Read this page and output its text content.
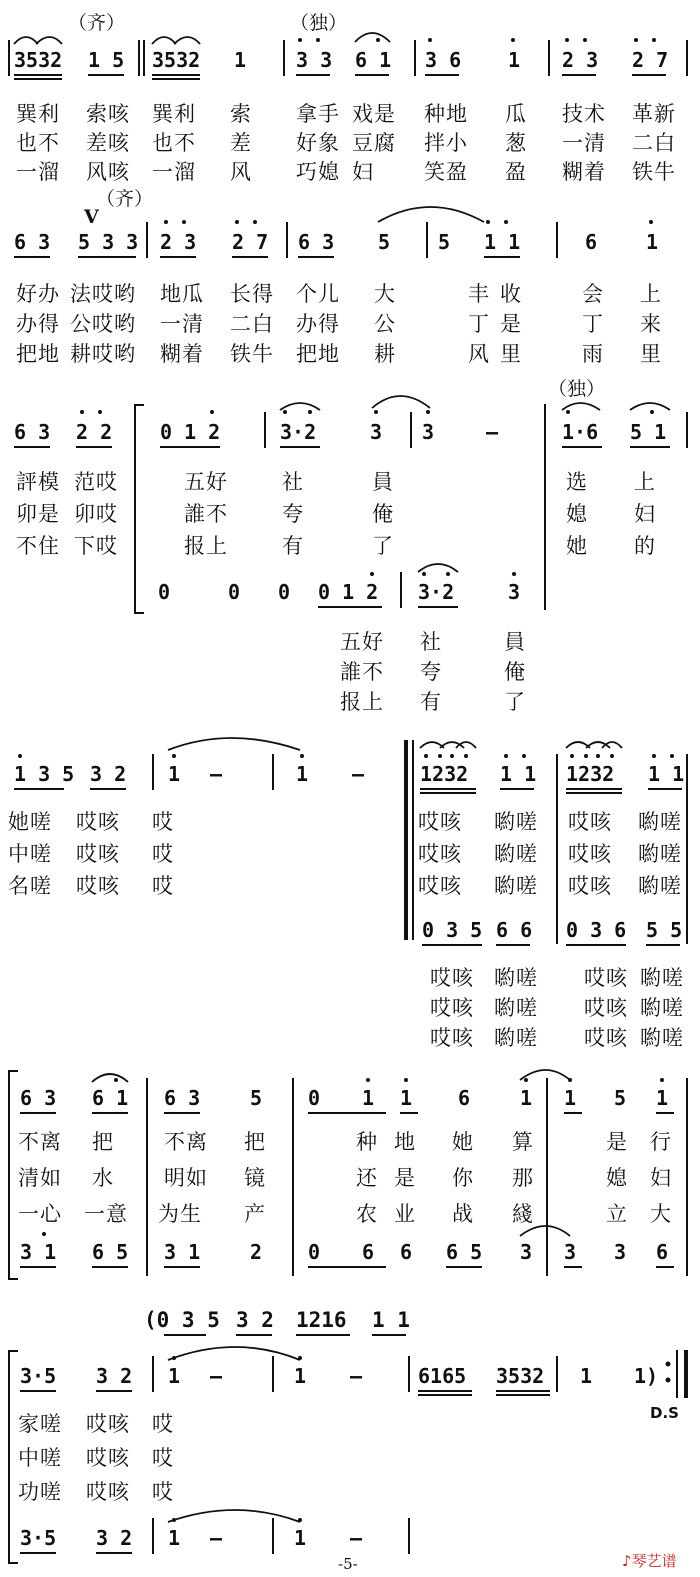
（齐）	（独）
3532 1 5 3532 1 3 3 6 1 3 6 1 2 3 2 7
巽利 索咳 巽利 索 拿手 戏是 种地 瓜 技术 革新
也不 差咳 也不 差 好象 豆腐 拌小 葱 一清 二白
一溜 风咳 一溜 风 巧媳 妇 笑盈 盈 糊着 铁牛
（齐）
V
6 3 5 3 3 2 3 2 7 6 3 5 5 1 1	6 1
好办 法哎哟 地瓜 长得 个儿 大	丰 收	会 上
办得 公哎哟 一清 二白 办得 公	丁 是	丁 来
把地 耕哎哟 糊着 铁牛 把地 耕	风 里	雨 里
（独）
6 3 2 2 0 1 2	3·2	3 3	—	1·6 5 1
評模 范哎	五好	社	員	选 上
卯是 卯哎	誰不	夸	俺	媳 妇
不住 下哎	报上	有	了	她 的
0	0 0 0 1 2 3·2	3
五好 社	員
誰不 夸	俺
报上 有	了
1 3 5 3 2 1 —	1 —	1232 1 1 1232 1 1
她嗟 哎咳 哎	哎咳 喲嗟 哎咳 喲嗟
中嗟 哎咳 哎	哎咳 喲嗟 哎咳 喲嗟
名嗟 哎咳 哎	哎咳 喲嗟 哎咳 喲嗟
0 3 5 6 6 0 3 6 5 5
哎咳 喲嗟 哎咳 喲嗟
哎咳 喲嗟 哎咳 喲嗟
哎咳 喲嗟 哎咳 喲嗟
6 3 6 1 6 3 5 0 1 1 6 1 1 5 1
不离 把 不离 把	种 地 她 算	是 行
清如 水 明如 镜	还 是 你 那	媳 妇
一心 一意 为生 产	农 业 战 綫	立 大
3 1 6 5 3 1 2 0 6 6 6 5 3 3 3 6
(0 3 5 3 2 1216 1 1
3·5 3 2 1 —	1 —	6165 3532 1 1)
D.S
家嗟 哎咳 哎
中嗟 哎咳 哎
功嗟 哎咳 哎
3·5 3 2 1 —	1 —
-5-	♪琴艺谱
